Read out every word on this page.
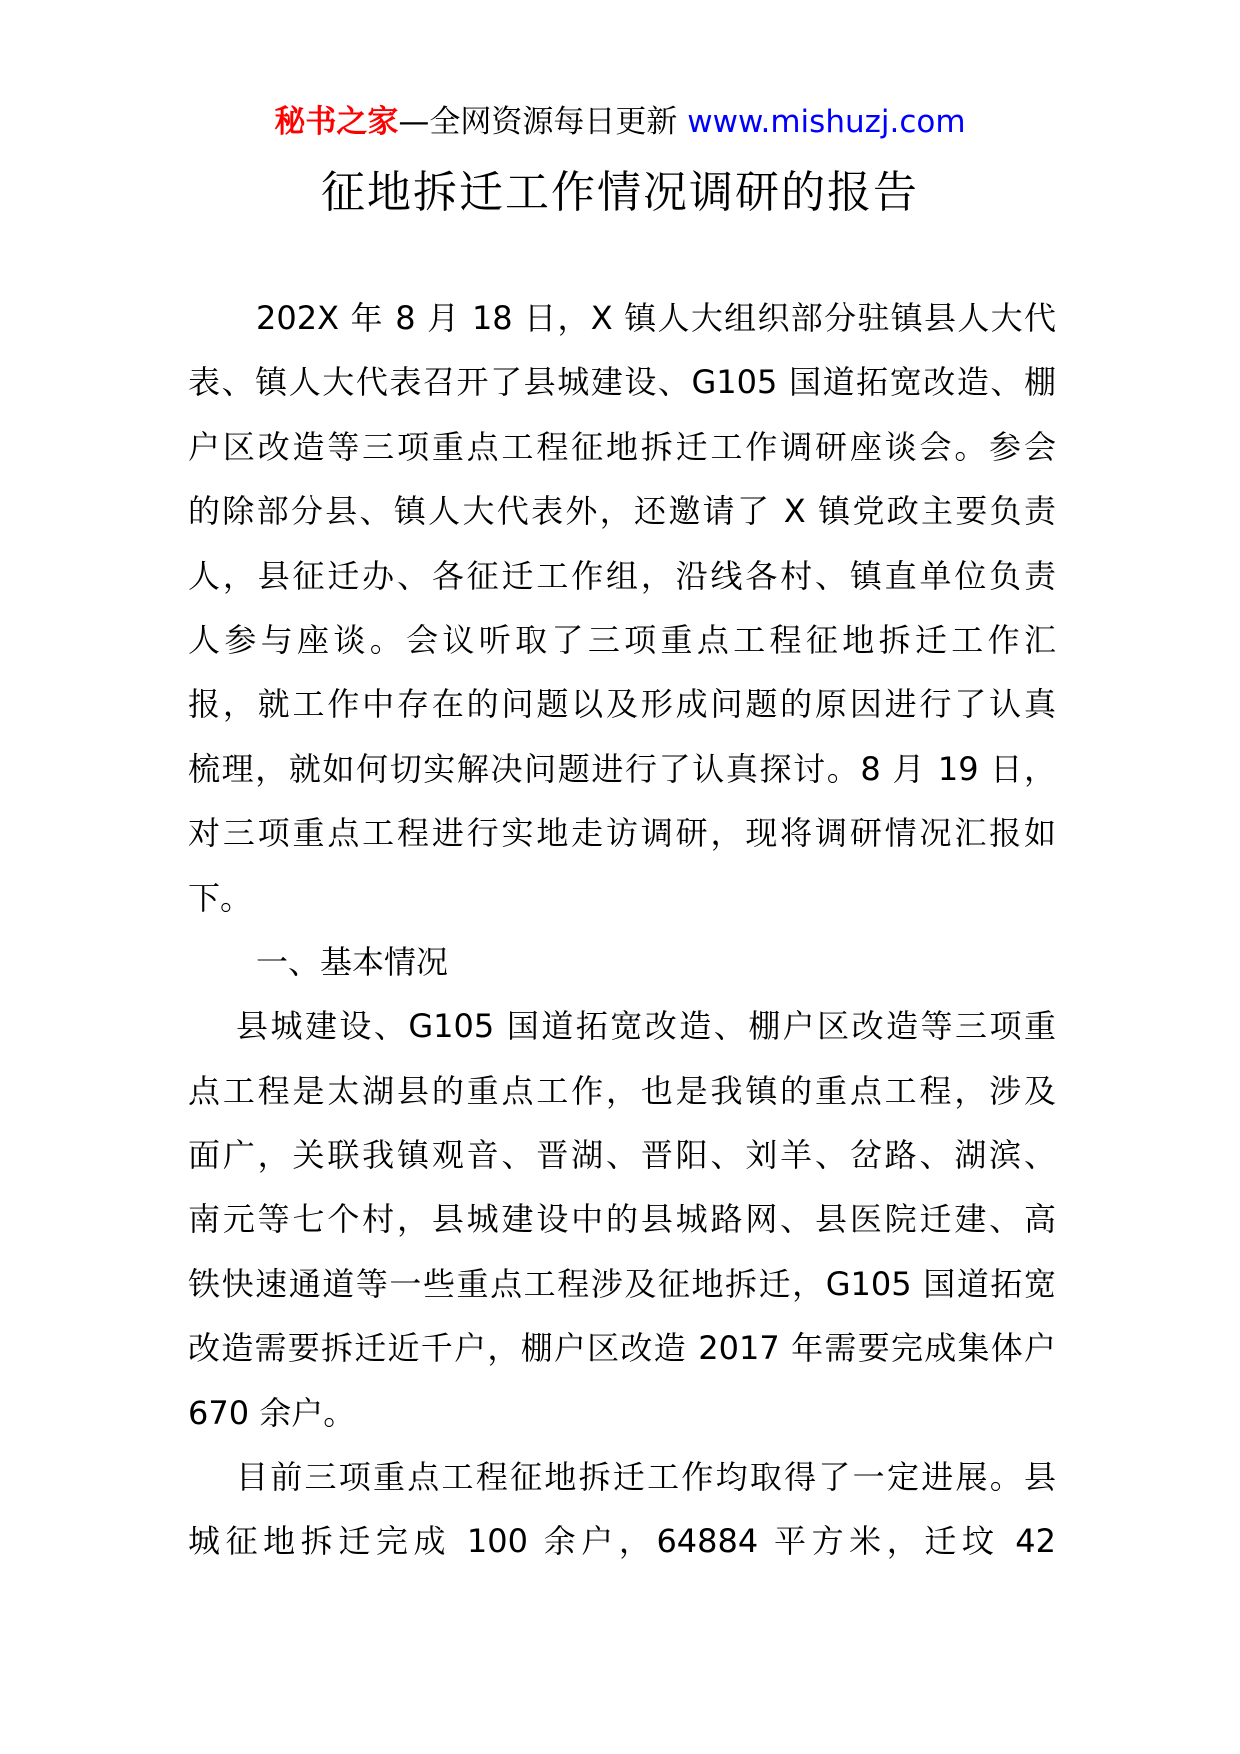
秘书之家—全网资源每日更新 www.mishuzj.com
征地拆迁工作情况调研的报告
202X 年 8 月 18 日，X 镇人大组织部分驻镇县人大代
表、镇人大代表召开了县城建设、G105 国道拓宽改造、棚
户区改造等三项重点工程征地拆迁工作调研座谈会。参会
的除部分县、镇人大代表外，还邀请了 X 镇党政主要负责
人，县征迁办、各征迁工作组，沿线各村、镇直单位负责
人参与座谈。会议听取了三项重点工程征地拆迁工作汇
报，就工作中存在的问题以及形成问题的原因进行了认真
梳理，就如何切实解决问题进行了认真探讨。8 月 19 日，
对三项重点工程进行实地走访调研，现将调研情况汇报如
下。
一、基本情况
县城建设、G105 国道拓宽改造、棚户区改造等三项重
点工程是太湖县的重点工作，也是我镇的重点工程，涉及
面广，关联我镇观音、晋湖、晋阳、刘羊、岔路、湖滨、
南元等七个村，县城建设中的县城路网、县医院迁建、高
铁快速通道等一些重点工程涉及征地拆迁，G105 国道拓宽
改造需要拆迁近千户，棚户区改造 2017 年需要完成集体户
670 余户。
目前三项重点工程征地拆迁工作均取得了一定进展。县
城征地拆迁完成 100 余户，64884 平方米，迁坟 42
